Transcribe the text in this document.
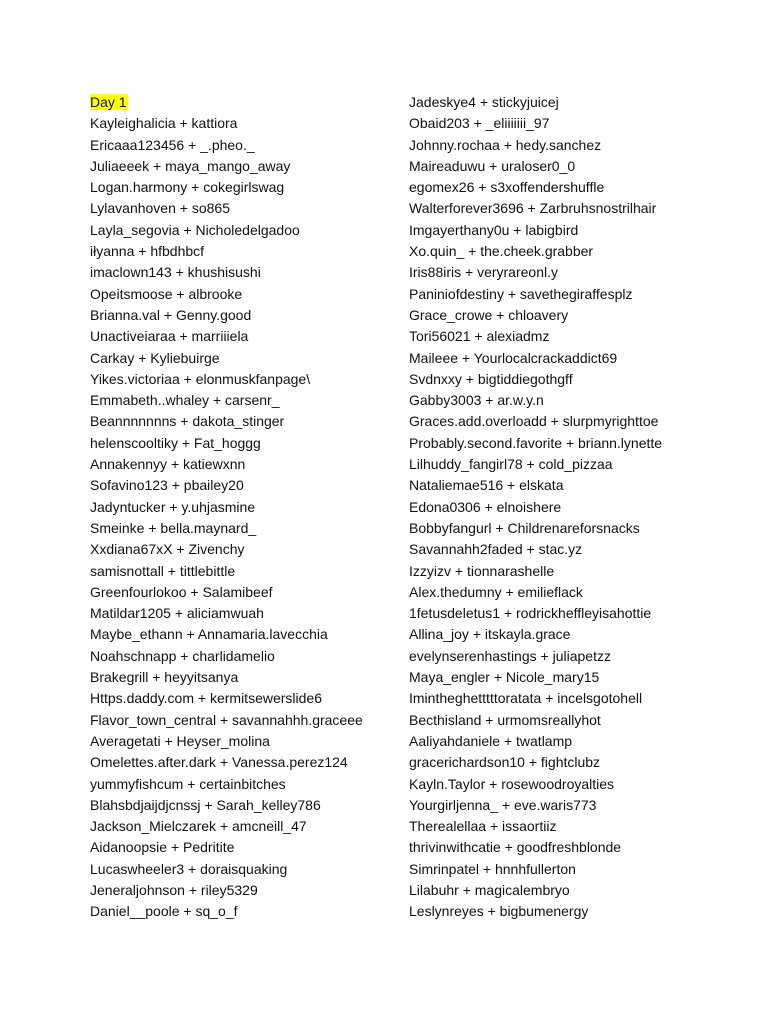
Day 1
Kayleighalicia + kattiora
Ericaaa123456 + _.pheo._
Juliaeeek + maya_mango_away
Logan.harmony + cokegirlswag
Lylavanhoven + so865
Layla_segovia + Nicholedelgadoo
iłyanna + hfbdhbcf
imaclown143 + khushisushi
Opeitsmoose + albrooke
Brianna.val + Genny.good
Unactiveiaraa + marriiiela
Carkay + Kyliebuirge
Yikes.victoriaa + elonmuskfanpage\
Emmabeth..whaley + carsenr_
Beannnnnnns + dakota_stinger
helenscooltiky + Fat_hoggg
Annakennyy + katiewxnn
Sofavino123 + pbailey20
Jadyntucker + y.uhjasmine
Smeinke + bella.maynard_
Xxdiana67xX + Zivenchy
samisnottall + tittlebittle
Greenfourlokoo + Salamibeef
Matildar1205 + aliciamwuah
Maybe_ethann + Annamaria.lavecchia
Noahschnapp + charlidamelio
Brakegrill + heyyitsanya
Https.daddy.com + kermitsewerslide6
Flavor_town_central + savannahhh.graceee
Averagetati + Heyser_molina
Omelettes.after.dark + Vanessa.perez124
yummyfishcum + certainbitches
Blahsbdjaijdjcnssj + Sarah_kelley786
Jackson_Mielczarek + amcneill_47
Aidanoopsie + Pedritite
Lucaswheeler3 + doraisquaking
Jeneraljohnson + riley5329
Daniel__poole + sq_o_f
Jadeskye4 + stickyjuicej
Obaid203 + _eliiiiiii_97
Johnny.rochaa + hedy.sanchez
Maireaduwu + uraloser0_0
egomex26 + s3xoffendershuffle
Walterforever3696 + Zarbruhsnostrilhair
Imgayerthany0u + labigbird
Xo.quin_ + the.cheek.grabber
Iris88iris + veryrareonl.y
Paniniofdestiny + savethegiraffesplz
Grace_crowe + chloavery
Tori56021 + alexiadmz
Maileee + Yourlocalcrackaddict69
Svdnxxy + bigtiddiegothgff
Gabby3003 + ar.w.y.n
Graces.add.overloadd + slurpmyrighttoe
Probably.second.favorite + briann.lynette
Lilhuddy_fangirl78 + cold_pizzaa
Nataliemae516 + elskata
Edona0306 + elnoishere
Bobbyfangurl + Childrenareforsnacks
Savannahh2faded + stac.yz
Izzyizv + tionnarashelle
Alex.thedumny + emilieflack
1fetusdeletus1 + rodrickheffleyisahottie
Allina_joy + itskayla.grace
evelynserenhastings + juliapetzz
Maya_engler + Nicole_mary15
Imintheghetttttoratata + incelsgotohell
Becthisland + urmomsreallyhot
Aaliyahdaniele + twatlamp
gracerichardson10 + fightclubz
Kayln.Taylor + rosewoodroyalties
Yourgirljenna_ + eve.waris773
Therealellaa + issaortiiz
thrivinwithcatie + goodfreshblonde
Simrinpatel + hnnhfullerton
Lilabuhr + magicalembryo
Leslynreyes + bigbumenergy
